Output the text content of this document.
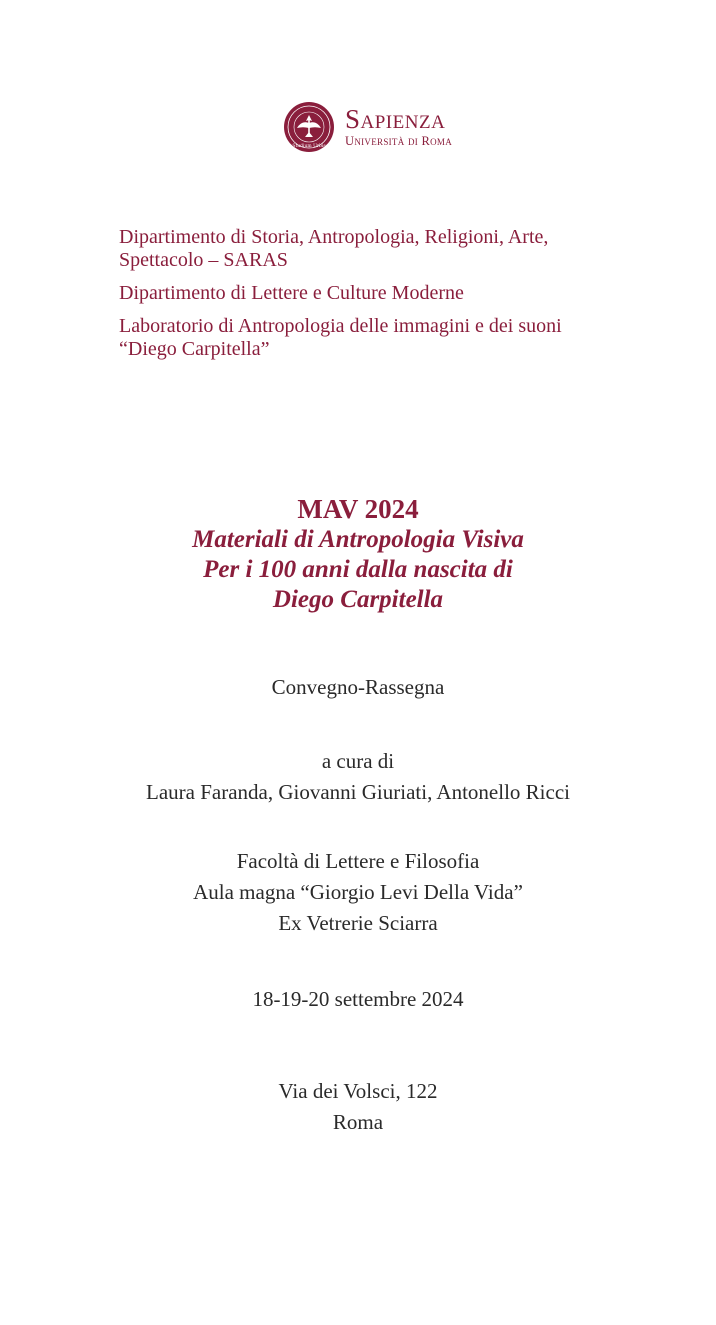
Studium Urbis
Sapienza
Università di Roma

Dipartimento di Storia, Antropologia, Religioni, Arte, Spettacolo – SARAS

Dipartimento di Lettere e Culture Moderne

Laboratorio di Antropologia delle immagini e dei suoni “Diego Carpitella”

MAV 2024
Materiali di Antropologia Visiva
Per i 100 anni dalla nascita di
Diego Carpitella
Convegno-Rassegna
a cura di
Laura Faranda, Giovanni Giuriati, Antonello Ricci
Facoltà di Lettere e Filosofia
Aula magna “Giorgio Levi Della Vida”
Ex Vetrerie Sciarra
18-19-20 settembre 2024
Via dei Volsci, 122
Roma
